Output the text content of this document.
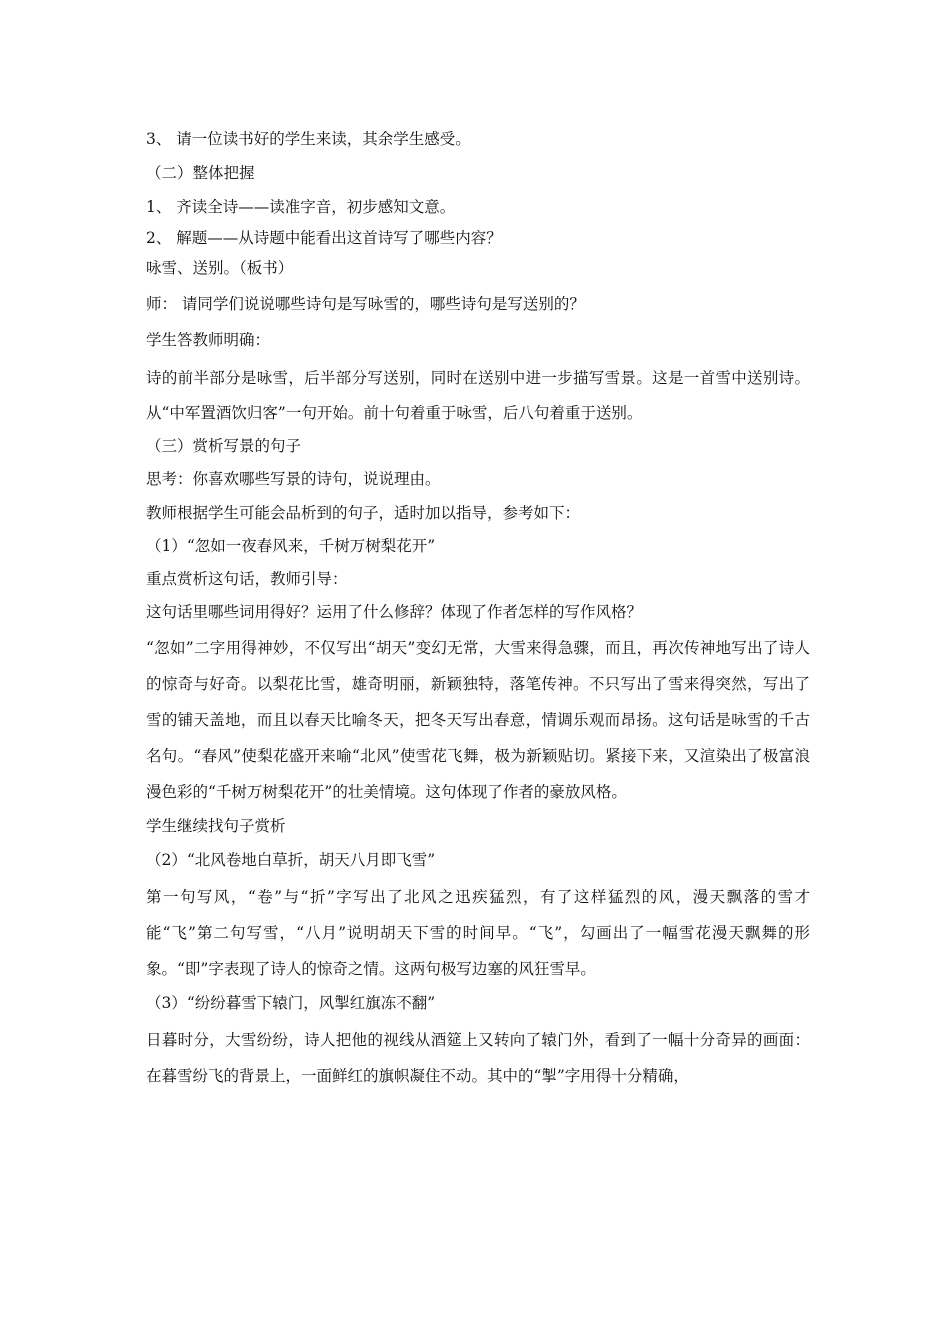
3、 请一位读书好的学生来读，其余学生感受。
（二）整体把握
1、 齐读全诗——读准字音，初步感知文意。
2、 解题——从诗题中能看出这首诗写了哪些内容？
咏雪、送别。（板书）
师： 请同学们说说哪些诗句是写咏雪的，哪些诗句是写送别的？
学生答教师明确：
诗的前半部分是咏雪，后半部分写送别，同时在送别中进一步描写雪景。这是一首雪中送别诗。从“中军置酒饮归客”一句开始。前十句着重于咏雪，后八句着重于送别。
（三）赏析写景的句子
思考：你喜欢哪些写景的诗句，说说理由。
教师根据学生可能会品析到的句子，适时加以指导，参考如下：
（1）“忽如一夜春风来，千树万树梨花开”
重点赏析这句话，教师引导：
这句话里哪些词用得好？运用了什么修辞？体现了作者怎样的写作风格？
“忽如”二字用得神妙，不仅写出“胡天”变幻无常，大雪来得急骤，而且，再次传神地写出了诗人的惊奇与好奇。以梨花比雪，雄奇明丽，新颖独特，落笔传神。不只写出了雪来得突然，写出了雪的铺天盖地，而且以春天比喻冬天，把冬天写出春意，情调乐观而昂扬。这句话是咏雪的千古名句。“春风”使梨花盛开来喻“北风”使雪花飞舞，极为新颖贴切。紧接下来，又渲染出了极富浪漫色彩的“千树万树梨花开”的壮美情境。这句体现了作者的豪放风格。
学生继续找句子赏析
（2）“北风卷地白草折，胡天八月即飞雪”
第一句写风，“卷”与“折”字写出了北风之迅疾猛烈，有了这样猛烈的风，漫天飘落的雪才能“飞”第二句写雪，“八月”说明胡天下雪的时间早。“飞”，勾画出了一幅雪花漫天飘舞的形象。“即”字表现了诗人的惊奇之情。这两句极写边塞的风狂雪早。
（3）“纷纷暮雪下辕门，风掣红旗冻不翻”
日暮时分，大雪纷纷，诗人把他的视线从酒筵上又转向了辕门外，看到了一幅十分奇异的画面：在暮雪纷飞的背景上，一面鲜红的旗帜凝住不动。其中的“掣”字用得十分精确，
